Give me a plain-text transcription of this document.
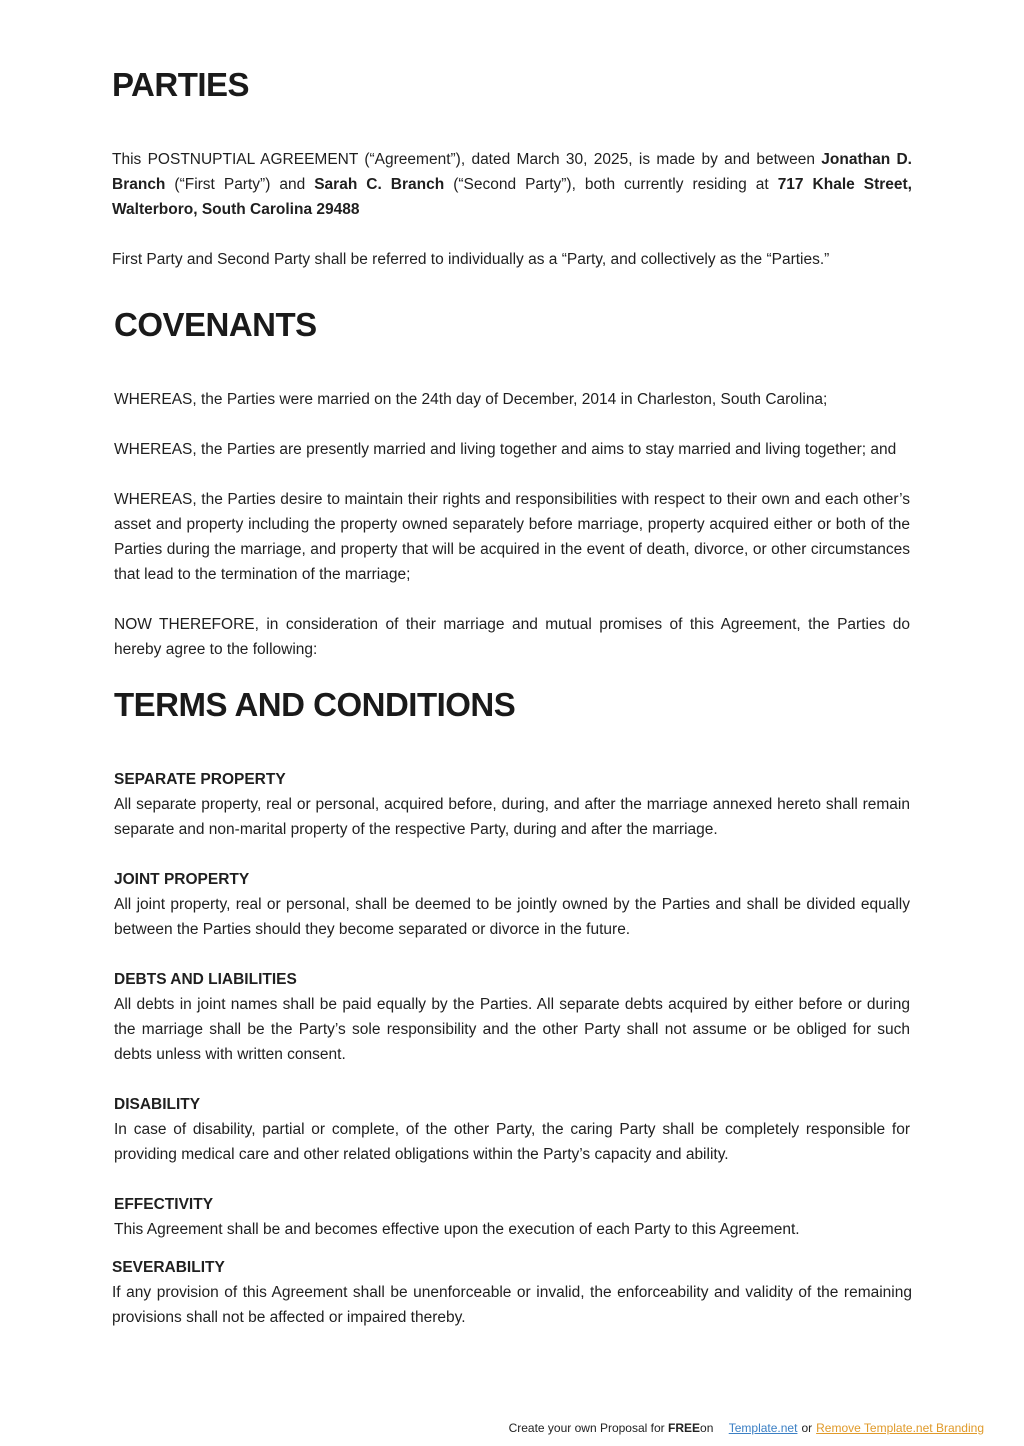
PARTIES

This POSTNUPTIAL AGREEMENT (“Agreement”), dated March 30, 2025, is made by and between Jonathan D. Branch (“First Party”) and Sarah C. Branch (“Second Party”), both currently residing at 717 Khale Street, Walterboro, South Carolina 29488

First Party and Second Party shall be referred to individually as a “Party, and collectively as the “Parties.”

COVENANTS

WHEREAS, the Parties were married on the 24th day of December, 2014 in Charleston, South Carolina;

WHEREAS, the Parties are presently married and living together and aims to stay married and living together; and

WHEREAS, the Parties desire to maintain their rights and responsibilities with respect to their own and each other’s asset and property including the property owned separately before marriage, property acquired either or both of the Parties during the marriage, and property that will be acquired in the event of death, divorce, or other circumstances that lead to the termination of the marriage;

NOW THEREFORE, in consideration of their marriage and mutual promises of this Agreement, the Parties do hereby agree to the following:

TERMS AND CONDITIONS
SEPARATE PROPERTY

All separate property, real or personal, acquired before, during, and after the marriage annexed hereto shall remain separate and non-marital property of the respective Party, during and after the marriage.

JOINT PROPERTY

All joint property, real or personal, shall be deemed to be jointly owned by the Parties and shall be divided equally between the Parties should they become separated or divorce in the future.

DEBTS AND LIABILITIES

All debts in joint names shall be paid equally by the Parties. All separate debts acquired by either before or during the marriage shall be the Party’s sole responsibility and the other Party shall not assume or be obliged for such debts unless with written consent.

DISABILITY

In case of disability, partial or complete, of the other Party, the caring Party shall be completely responsible for providing medical care and other related obligations within the Party’s capacity and ability.

EFFECTIVITY

This Agreement shall be and becomes effective upon the execution of each Party to this Agreement.

SEVERABILITY

If any provision of this Agreement shall be unenforceable or invalid, the enforceability and validity of the remaining provisions shall not be affected or impaired thereby.

Create your own Proposal for FREEon Template.net or Remove Template.net Branding
